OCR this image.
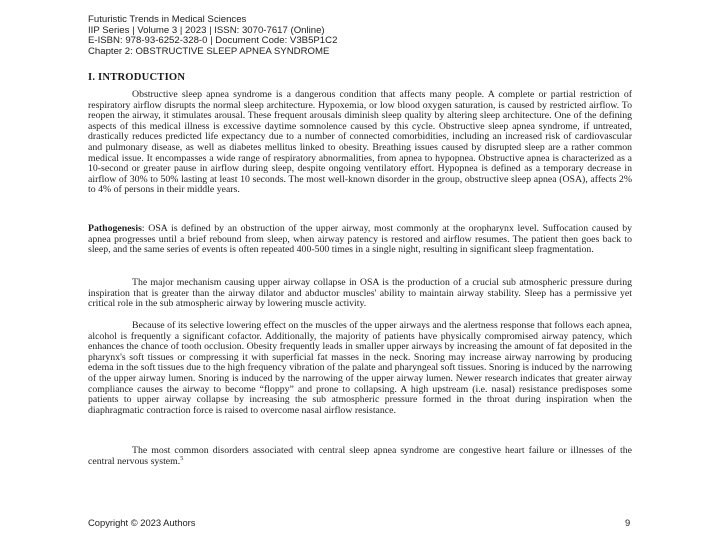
Futuristic Trends in Medical Sciences
IIP Series | Volume 3 | 2023 | ISSN: 3070-7617 (Online)
E-ISBN: 978-93-6252-328-0 | Document Code: V3B5P1C2
Chapter 2: OBSTRUCTIVE SLEEP APNEA SYNDROME
I. INTRODUCTION

Obstructive sleep apnea syndrome is a dangerous condition that affects many people. A complete or partial restriction of respiratory airflow disrupts the normal sleep architecture. Hypoxemia, or low blood oxygen saturation, is caused by restricted airflow. To reopen the airway, it stimulates arousal. These frequent arousals diminish sleep quality by altering sleep architecture. One of the defining aspects of this medical illness is excessive daytime somnolence caused by this cycle. Obstructive sleep apnea syndrome, if untreated, drastically reduces predicted life expectancy due to a number of connected comorbidities, including an increased risk of cardiovascular and pulmonary disease, as well as diabetes mellitus linked to obesity. Breathing issues caused by disrupted sleep are a rather common medical issue. It encompasses a wide range of respiratory abnormalities, from apnea to hypopnea. Obstructive apnea is characterized as a 10-second or greater pause in airflow during sleep, despite ongoing ventilatory effort. Hypopnea is defined as a temporary decrease in airflow of 30% to 50% lasting at least 10 seconds. The most well-known disorder in the group, obstructive sleep apnea (OSA), affects 2% to 4% of persons in their middle years.

Pathogenesis: OSA is defined by an obstruction of the upper airway, most commonly at the oropharynx level. Suffocation caused by apnea progresses until a brief rebound from sleep, when airway patency is restored and airflow resumes. The patient then goes back to sleep, and the same series of events is often repeated 400-500 times in a single night, resulting in significant sleep fragmentation.

The major mechanism causing upper airway collapse in OSA is the production of a crucial sub atmospheric pressure during inspiration that is greater than the airway dilator and abductor muscles' ability to maintain airway stability. Sleep has a permissive yet critical role in the sub atmospheric airway by lowering muscle activity.

Because of its selective lowering effect on the muscles of the upper airways and the alertness response that follows each apnea, alcohol is frequently a significant cofactor. Additionally, the majority of patients have physically compromised airway patency, which enhances the chance of tooth occlusion. Obesity frequently leads in smaller upper airways by increasing the amount of fat deposited in the pharynx's soft tissues or compressing it with superficial fat masses in the neck. Snoring may increase airway narrowing by producing edema in the soft tissues due to the high frequency vibration of the palate and pharyngeal soft tissues. Snoring is induced by the narrowing of the upper airway lumen. Snoring is induced by the narrowing of the upper airway lumen. Newer research indicates that greater airway compliance causes the airway to become “floppy” and prone to collapsing. A high upstream (i.e. nasal) resistance predisposes some patients to upper airway collapse by increasing the sub atmospheric pressure formed in the throat during inspiration when the diaphragmatic contraction force is raised to overcome nasal airflow resistance.

The most common disorders associated with central sleep apnea syndrome are congestive heart failure or illnesses of the central nervous system.$^5$

Copyright © 2023 Authors	9
